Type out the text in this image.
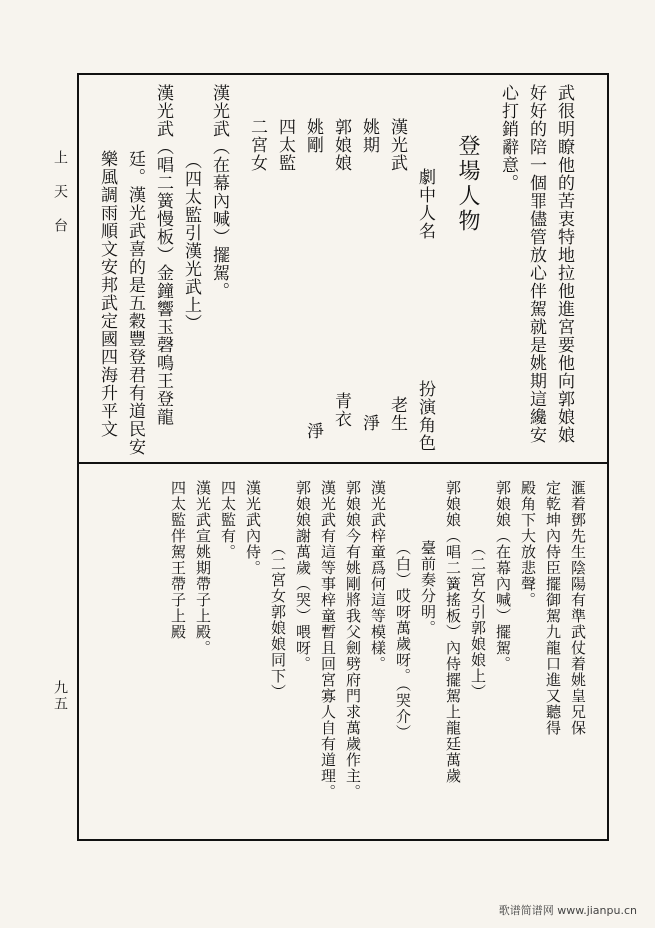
武很明瞭他的苦衷特地拉他進宮要他向郭娘娘
好好的陪一個罪儘管放心伴駕就是姚期這纔安
心打銷辭意。
登場人物
劇中人名
扮演角色
漢光武
老生
姚期
淨
郭娘娘
青衣
姚剛
淨
四太監
二宮女
漢光武（在幕內喊）擺駕。
（四太監引漢光武上）
漢光武（唱二簧慢板）金鐘響玉磬鳴王登龍
廷。漢光武喜的是五穀豐登君有道民安
樂風調雨順文安邦武定國四海升平文
滙着鄧先生陰陽有準武仗着姚皇兄保
定乾坤內侍臣擺御駕九龍口進又聽得
殿角下大放悲聲。
郭娘娘（在幕內喊）擺駕。
（二宮女引郭娘娘上）
郭娘娘（唱二簧搖板）內侍擺駕上龍廷萬歲
臺前奏分明。
（白）哎呀萬歲呀。（哭介）
漢光武梓童爲何這等模樣。
郭娘娘今有姚剛將我父劍劈府門求萬歲作主。
漢光武有這等事梓童暫且回宮寡人自有道理。
郭娘娘謝萬歲（哭）喂呀。
（二宮女郭娘娘同下）
漢光武內侍。
四太監有。
漢光武宣姚期帶子上殿。
四太監伴駕王帶子上殿
上天台
九五
歌谱简谱网 www.jianpu.cn
